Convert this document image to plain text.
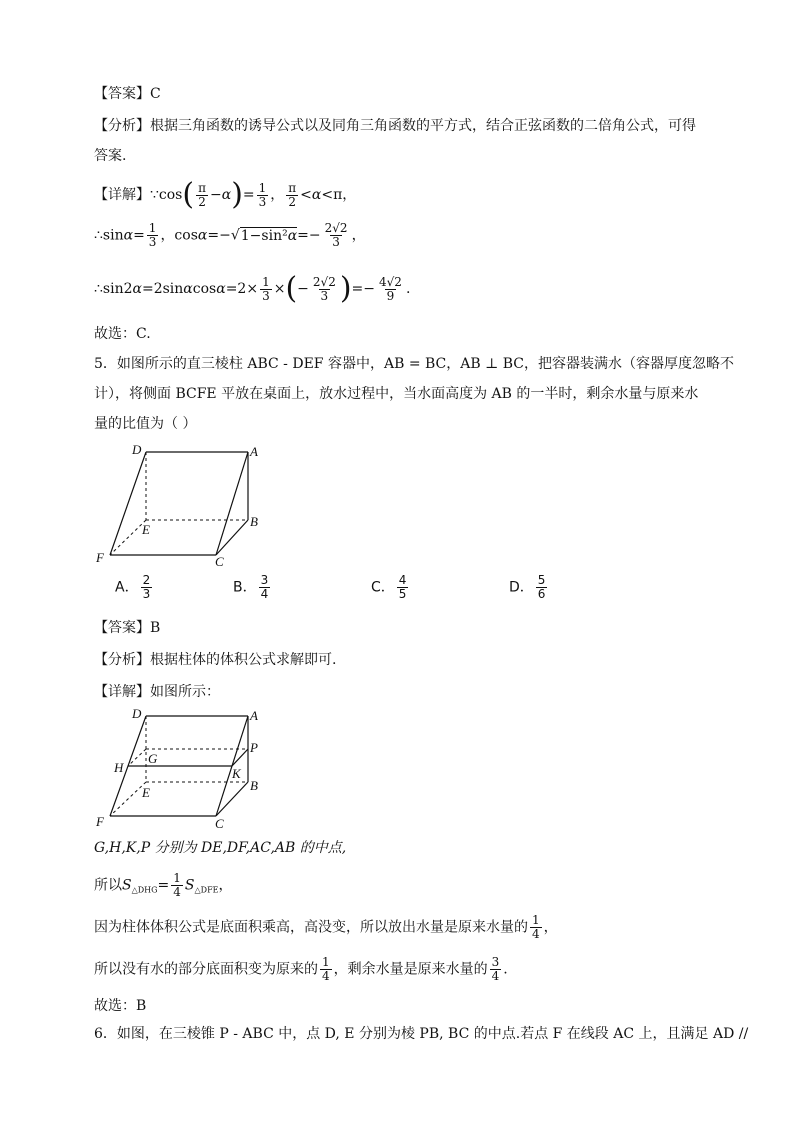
【答案】C
【分析】根据三角函数的诱导公式以及同角三角函数的平方式，结合正弦函数的二倍角公式，可得
答案.
【详解】∵cos( $\frac{\pi}{2} -\alpha)= \frac{1}{3}$ ， $\frac{\pi}{2} <\alpha<\pi$，
∴sinα= $\frac{1}{3}$ ，$\cos\alpha=-√1-\sin^2\alpha=- \frac{2√2}{3}$ ，
∴sin2α=2sinαcosα=2× $\frac{1}{3}$ ×(− $\frac{2√2}{3}$ )=− $\frac{4√2}{9}$ .
故选：C.
5．如图所示的直三棱柱 ABC - DEF 容器中，AB = BC，AB ⊥ BC，把容器装满水（容器厚度忽略不
计），将侧面 BCFE 平放在桌面上，放水过程中，当水面高度为 AB 的一半时，剩余水量与原来水
量的比值为（ ）
D	A
E
B
F	C
A． $\frac{2}{3}$	B． $\frac{3}{4}$	C． $\frac{4}{5}$	D． $\frac{5}{6}$
【答案】B
【分析】根据柱体的体积公式求解即可.
【详解】如图所示：
D	A
P
H
G
K
E	B
F	C
G,H,K,P 分别为 DE,DF,AC,AB 的中点,
所以$S_{\triangle DHG}= \frac{1}{4} S_{\triangle DFE}$，
因为柱体体积公式是底面积乘高，高没变，所以放出水量是原来水量的 $\frac{1}{4}$ ，
所以没有水的部分底面积变为原来的 $\frac{1}{4}$ ，剩余水量是原来水量的 $\frac{3}{4}$ .
故选：B
6．如图，在三棱锥 P - ABC 中，点 D, E 分别为棱 PB, BC 的中点.若点 F 在线段 AC 上，且满足 AD //
